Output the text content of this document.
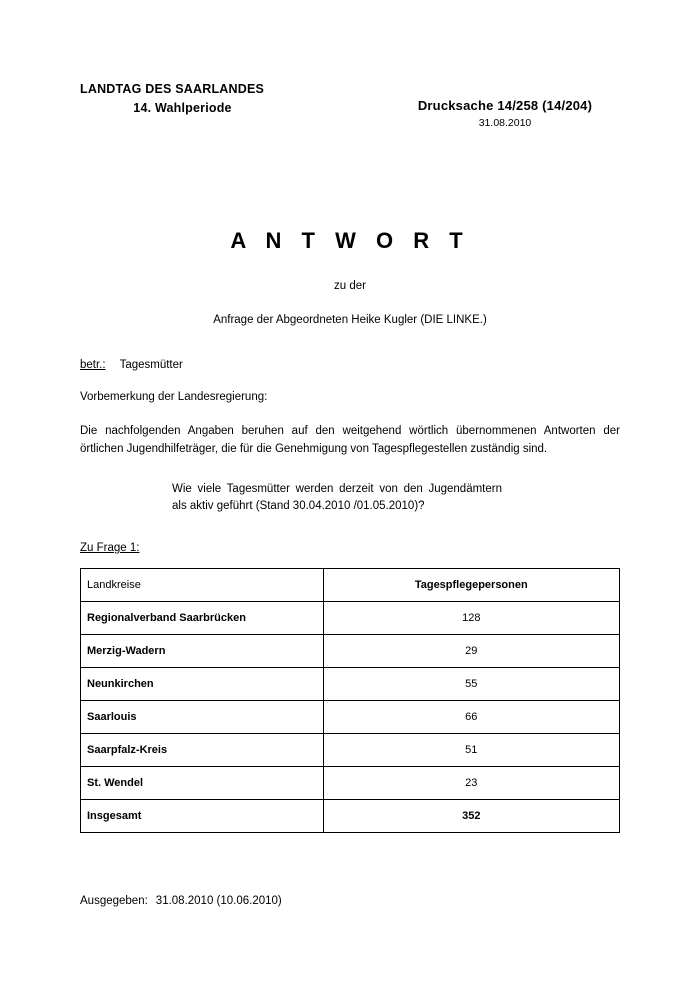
LANDTAG DES SAARLANDES
14. Wahlperiode	Drucksache 14/258 (14/204)
31.08.2010
A N T W O R T
zu der
Anfrage der Abgeordneten Heike Kugler (DIE LINKE.)
betr.: Tagesmütter
Vorbemerkung der Landesregierung:
Die nachfolgenden Angaben beruhen auf den weitgehend wörtlich übernommenen Antworten der örtlichen Jugendhilfeträger, die für die Genehmigung von Tagespflegestellen zuständig sind.
Wie viele Tagesmütter werden derzeit von den Jugendämtern als aktiv geführt (Stand 30.04.2010 /01.05.2010)?
Zu Frage 1:
Landkreise	Tagespflegepersonen
Regionalverband Saarbrücken	128
Merzig-Wadern	29
Neunkirchen	55
Saarlouis	66
Saarpfalz-Kreis	51
St. Wendel	23
Insgesamt	352
Ausgegeben: 31.08.2010 (10.06.2010)
